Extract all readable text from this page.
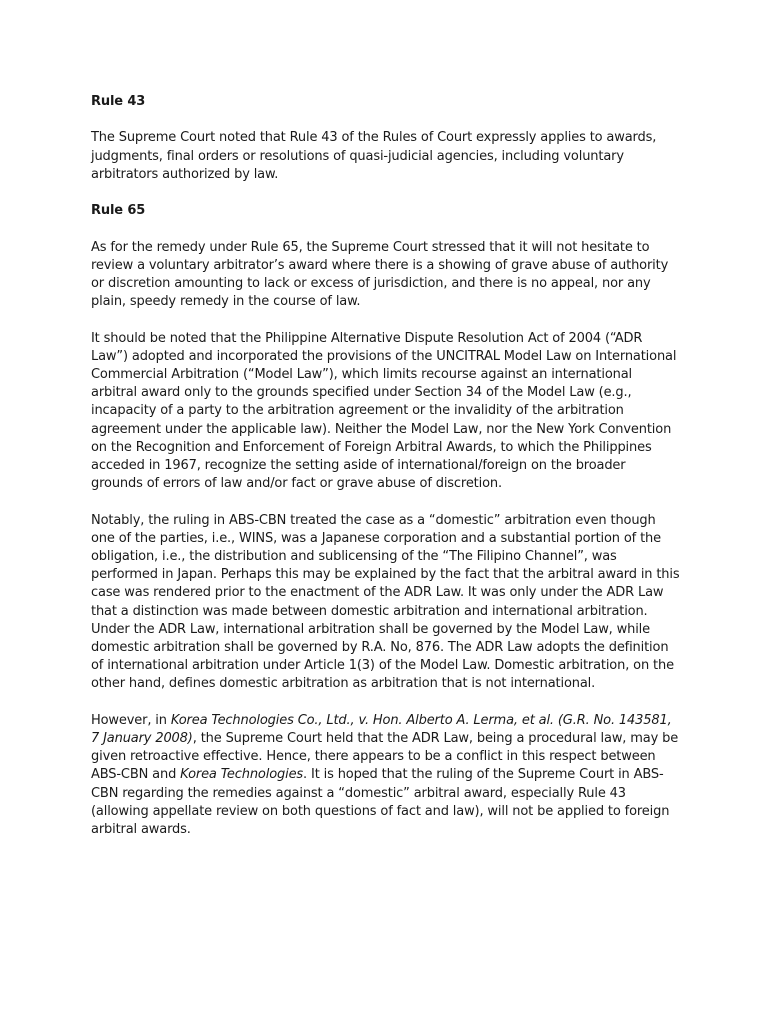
Rule 43

The Supreme Court noted that Rule 43 of the Rules of Court expressly applies to awards, judgments, final orders or resolutions of quasi-judicial agencies, including voluntary arbitrators authorized by law.

Rule 65

As for the remedy under Rule 65, the Supreme Court stressed that it will not hesitate to review a voluntary arbitrator’s award where there is a showing of grave abuse of authority or discretion amounting to lack or excess of jurisdiction, and there is no appeal, nor any plain, speedy remedy in the course of law.

It should be noted that the Philippine Alternative Dispute Resolution Act of 2004 (“ADR Law”) adopted and incorporated the provisions of the UNCITRAL Model Law on International Commercial Arbitration (“Model Law”), which limits recourse against an international arbitral award only to the grounds specified under Section 34 of the Model Law (e.g., incapacity of a party to the arbitration agreement or the invalidity of the arbitration agreement under the applicable law). Neither the Model Law, nor the New York Convention on the Recognition and Enforcement of Foreign Arbitral Awards, to which the Philippines acceded in 1967, recognize the setting aside of international/foreign on the broader grounds of errors of law and/or fact or grave abuse of discretion.

Notably, the ruling in ABS-CBN treated the case as a “domestic” arbitration even though one of the parties, i.e., WINS, was a Japanese corporation and a substantial portion of the obligation, i.e., the distribution and sublicensing of the “The Filipino Channel”, was performed in Japan. Perhaps this may be explained by the fact that the arbitral award in this case was rendered prior to the enactment of the ADR Law. It was only under the ADR Law that a distinction was made between domestic arbitration and international arbitration. Under the ADR Law, international arbitration shall be governed by the Model Law, while domestic arbitration shall be governed by R.A. No, 876. The ADR Law adopts the definition of international arbitration under Article 1(3) of the Model Law. Domestic arbitration, on the other hand, defines domestic arbitration as arbitration that is not international.

However, in Korea Technologies Co., Ltd., v. Hon. Alberto A. Lerma, et al. (G.R. No. 143581, 7 January 2008), the Supreme Court held that the ADR Law, being a procedural law, may be given retroactive effective. Hence, there appears to be a conflict in this respect between ABS-CBN and Korea Technologies. It is hoped that the ruling of the Supreme Court in ABS-CBN regarding the remedies against a “domestic” arbitral award, especially Rule 43 (allowing appellate review on both questions of fact and law), will not be applied to foreign arbitral awards.
